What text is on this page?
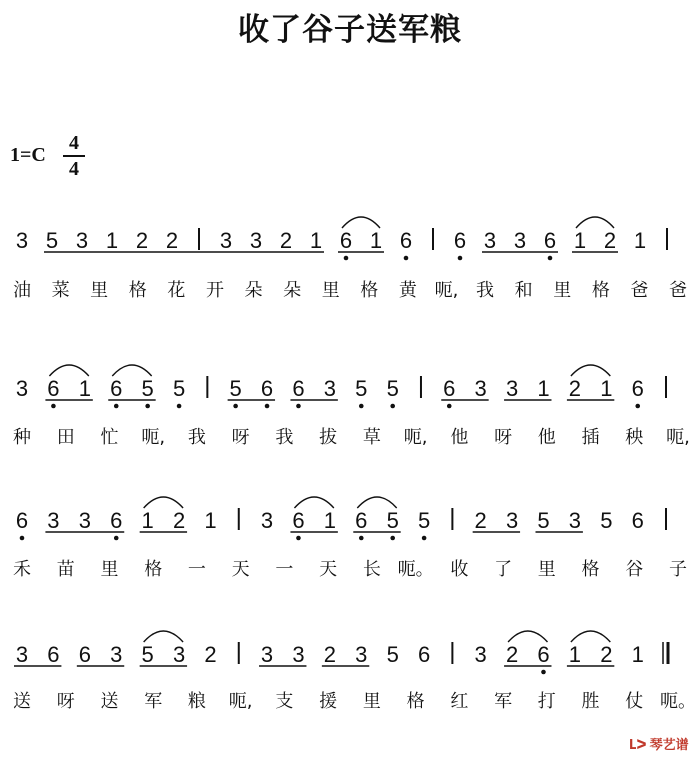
收了谷子送军粮
1=C
4
4
3 5 3 1 2 2 3 3 2 1 6 1 6 6 3 3 6 1 2 1
3 6 1 6 5 5 5 6 6 3 5 5 6 3 3 1 2 1 6
6 3 3 6 1 2 1 3 6 1 6 5 5 2 3 5 3 5 6
3 6 6 3 5 3 2 3 3 2 3 5 6 3 2 6 1 2 1
油 菜 里 格 花 开 朵 朵 里 格 黄 呃, 我 和 里 格 爸 爸
种 田 忙 呃, 我 呀 我 拔 草 呃, 他 呀 他 插 秧 呃,
禾 苗 里 格 一 天 一 天 长 呃。 收 了 里 格 谷 子
送 呀 送 军 粮 呃, 支 援 里 格 红 军 打 胜 仗 呃。
ᒪᐳ 琴艺谱
